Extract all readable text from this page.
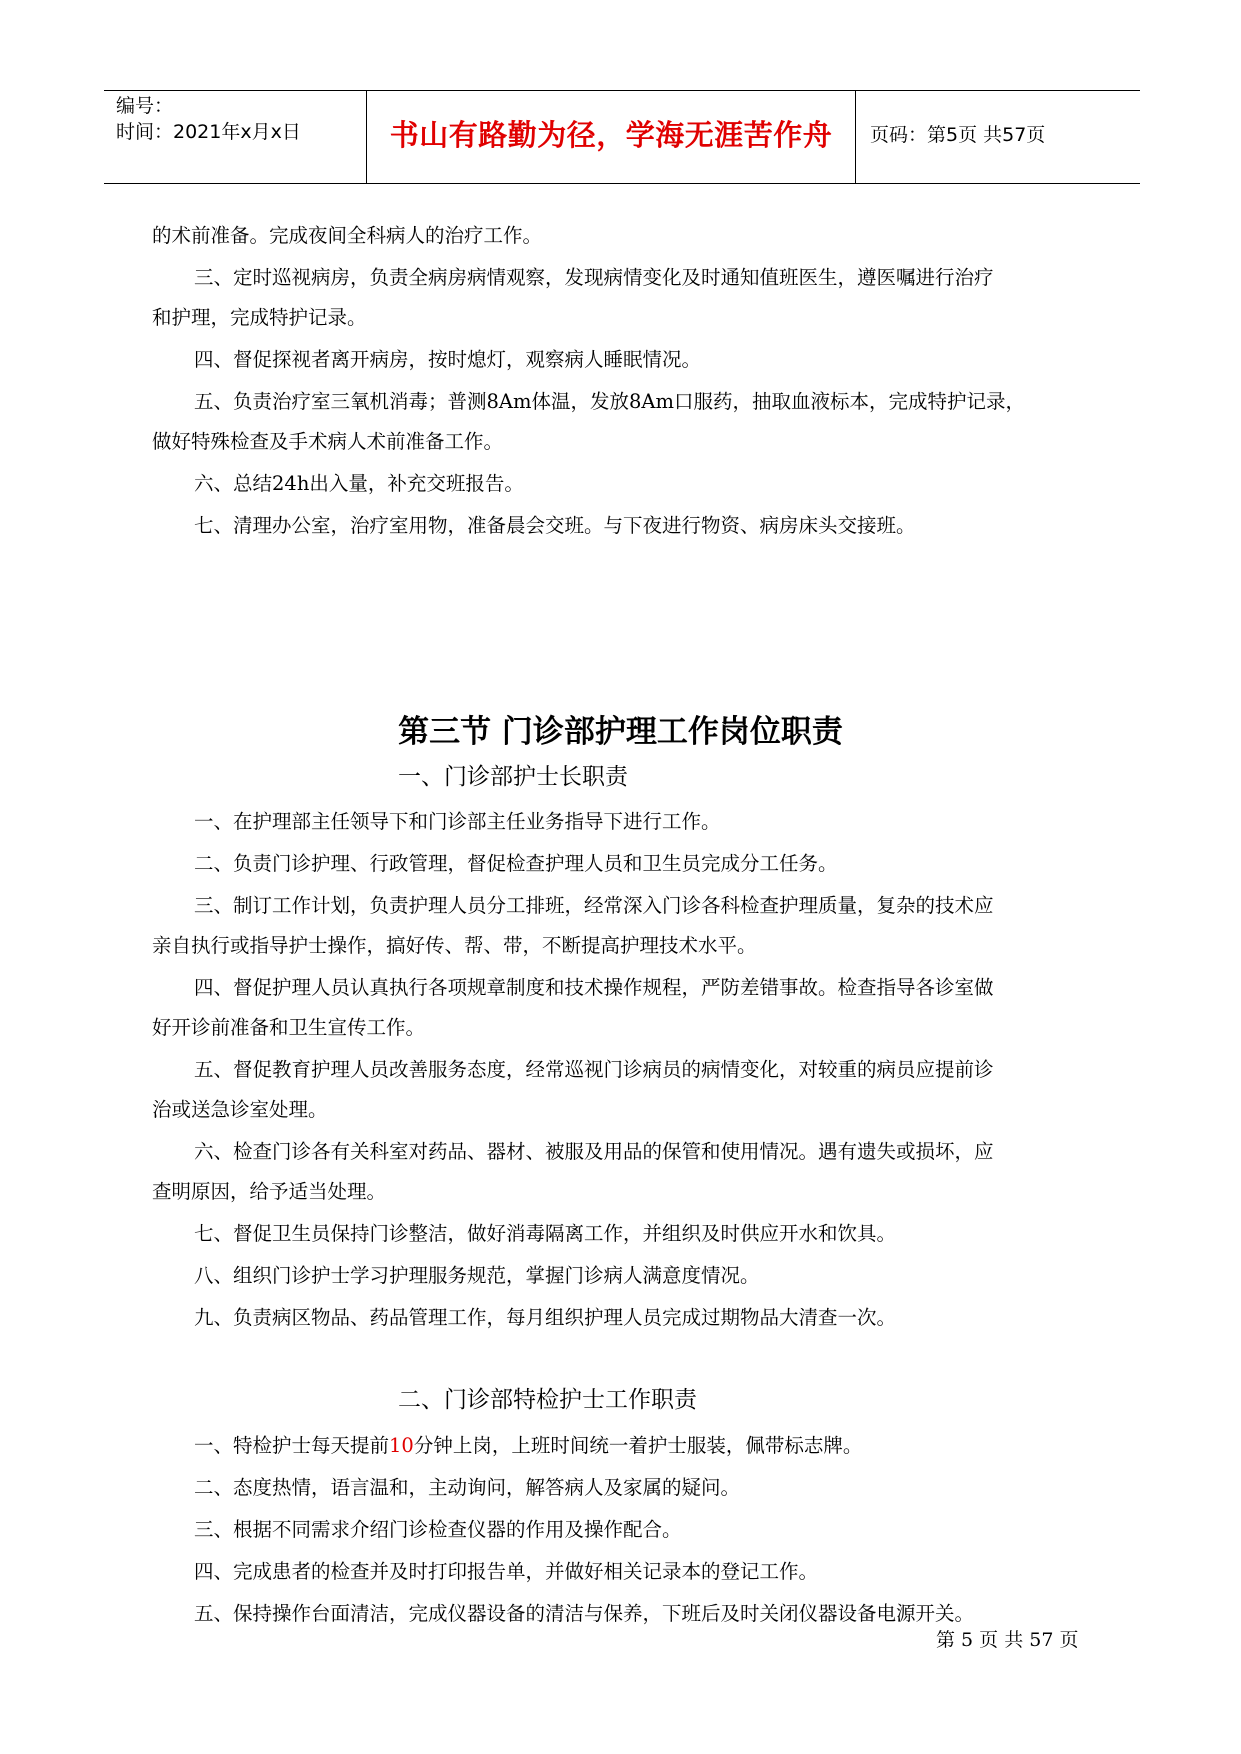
编号：
时间：2021年x月x日	书山有路勤为径，学海无涯苦作舟	页码：第5页 共57页
的术前准备。完成夜间全科病人的治疗工作。
三、定时巡视病房，负责全病房病情观察，发现病情变化及时通知值班医生，遵医嘱进行治疗
和护理，完成特护记录。
四、督促探视者离开病房，按时熄灯，观察病人睡眠情况。
五、负责治疗室三氧机消毒；普测8Am体温，发放8Am口服药，抽取血液标本，完成特护记录，
做好特殊检查及手术病人术前准备工作。
六、总结24h出入量，补充交班报告。
七、清理办公室，治疗室用物，准备晨会交班。与下夜进行物资、病房床头交接班。
第三节 门诊部护理工作岗位职责
一、门诊部护士长职责
一、在护理部主任领导下和门诊部主任业务指导下进行工作。
二、负责门诊护理、行政管理，督促检查护理人员和卫生员完成分工任务。
三、制订工作计划，负责护理人员分工排班，经常深入门诊各科检查护理质量，复杂的技术应
亲自执行或指导护士操作，搞好传、帮、带，不断提高护理技术水平。
四、督促护理人员认真执行各项规章制度和技术操作规程，严防差错事故。检查指导各诊室做
好开诊前准备和卫生宣传工作。
五、督促教育护理人员改善服务态度，经常巡视门诊病员的病情变化，对较重的病员应提前诊
治或送急诊室处理。
六、检查门诊各有关科室对药品、器材、被服及用品的保管和使用情况。遇有遗失或损坏，应
查明原因，给予适当处理。
七、督促卫生员保持门诊整洁，做好消毒隔离工作，并组织及时供应开水和饮具。
八、组织门诊护士学习护理服务规范，掌握门诊病人满意度情况。
九、负责病区物品、药品管理工作，每月组织护理人员完成过期物品大清查一次。
二、门诊部特检护士工作职责
一、特检护士每天提前10分钟上岗，上班时间统一着护士服装，佩带标志牌。
二、态度热情，语言温和，主动询问，解答病人及家属的疑问。
三、根据不同需求介绍门诊检查仪器的作用及操作配合。
四、完成患者的检查并及时打印报告单，并做好相关记录本的登记工作。
五、保持操作台面清洁，完成仪器设备的清洁与保养，下班后及时关闭仪器设备电源开关。
第 5 页 共 57 页
